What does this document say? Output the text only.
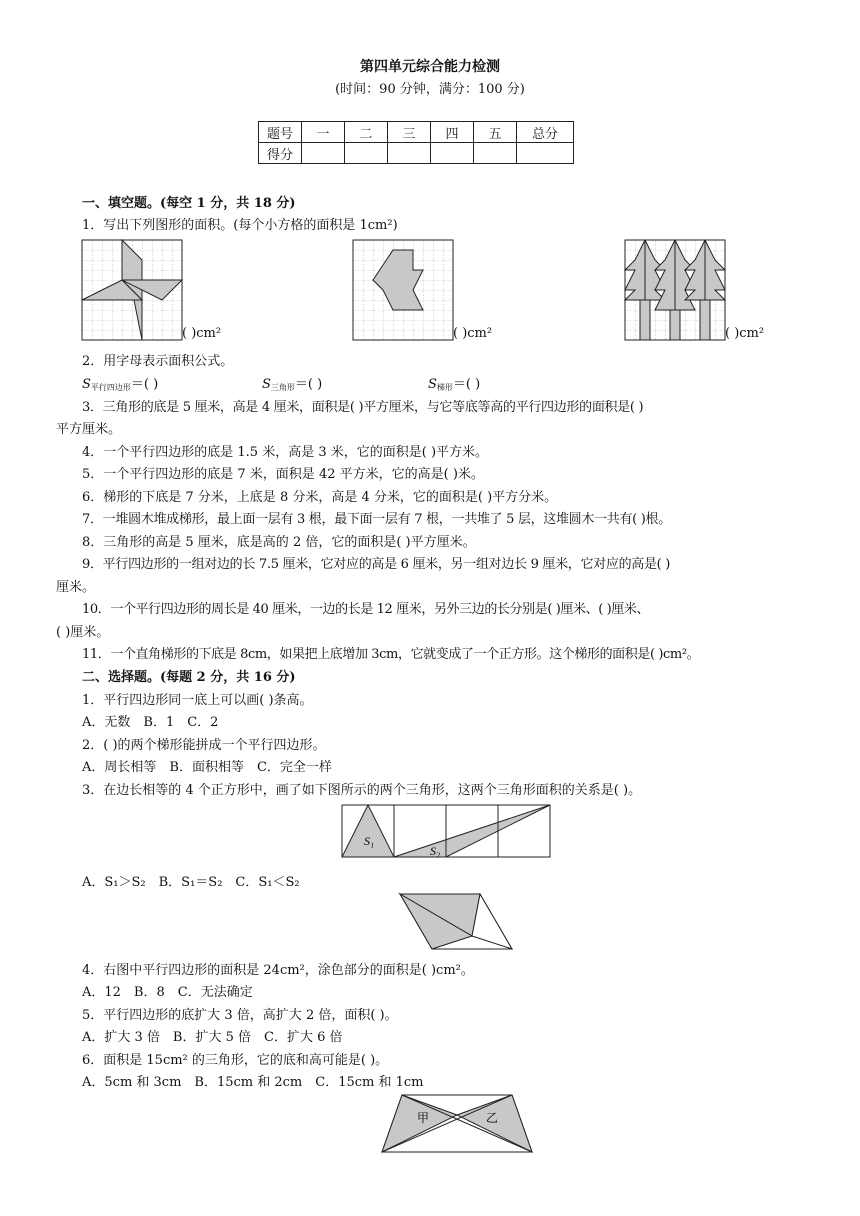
第四单元综合能力检测
(时间：90 分钟，满分：100 分)
题号	一	二	三	四	五	总分
得分						
一、填空题。(每空 1 分，共 18 分)
1．写出下列图形的面积。(每个小方格的面积是 1cm²)
( )cm²	( )cm²	( )cm²
2．用字母表示面积公式。
$S_{平行四边形}=$( )	$S_{三角形}=$( )	$S_{梯形}=$( )
3．三角形的底是 5 厘米，高是 4 厘米，面积是( )平方厘米，与它等底等高的平行四边形的面积是( )
平方厘米。
4．一个平行四边形的底是 1.5 米，高是 3 米，它的面积是( )平方米。
5．一个平行四边形的底是 7 米，面积是 42 平方米，它的高是( )米。
6．梯形的下底是 7 分米，上底是 8 分米，高是 4 分米，它的面积是( )平方分米。
7．一堆圆木堆成梯形，最上面一层有 3 根，最下面一层有 7 根，一共堆了 5 层，这堆圆木一共有( )根。
8．三角形的高是 5 厘米，底是高的 2 倍，它的面积是( )平方厘米。
9．平行四边形的一组对边的长 7.5 厘米，它对应的高是 6 厘米，另一组对边长 9 厘米，它对应的高是( )
厘米。
10．一个平行四边形的周长是 40 厘米，一边的长是 12 厘米，另外三边的长分别是( )厘米、( )厘米、
( )厘米。
11．一个直角梯形的下底是 8cm，如果把上底增加 3cm，它就变成了一个正方形。这个梯形的面积是( )cm²。
二、选择题。(每题 2 分，共 16 分)
1．平行四边形同一底上可以画( )条高。
A．无数　B．1　C．2
2．( )的两个梯形能拼成一个平行四边形。
A．周长相等　B．面积相等　C．完全一样
3．在边长相等的 4 个正方形中，画了如下图所示的两个三角形，这两个三角形面积的关系是( )。
S₁
S₂
A．S₁＞S₂　B．S₁＝S₂　C．S₁＜S₂
4．右图中平行四边形的面积是 24cm²，涂色部分的面积是( )cm²。
A．12　B．8　C．无法确定
5．平行四边形的底扩大 3 倍，高扩大 2 倍，面积( )。
A．扩大 3 倍　B．扩大 5 倍　C．扩大 6 倍
6．面积是 15cm² 的三角形，它的底和高可能是( )。
A．5cm 和 3cm　B．15cm 和 2cm　C．15cm 和 1cm
甲	乙
